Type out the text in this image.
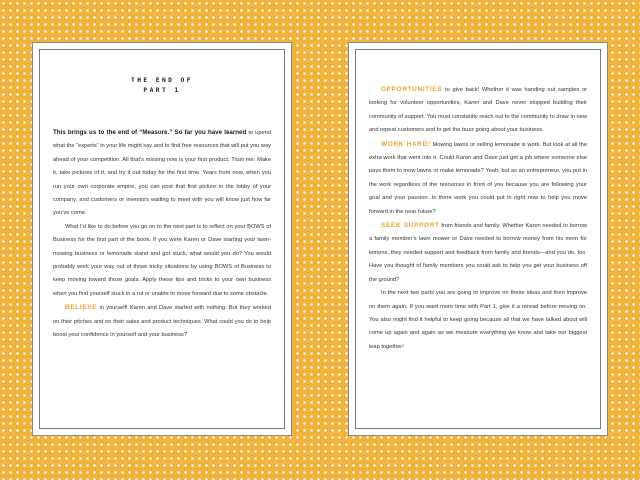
THE END OF
PART 1

This brings us to the end of “Measure.” So far you have learned to upend what the “experts” in your life might say and to find free resources that will put you way ahead of your competition. All that’s missing now is your first product. Trust me: Make it, take pictures of it, and try it out today for the first time. Years from now, when you run your own corporate empire, you can post that first picture in the lobby of your company, and customers or investors waiting to meet with you will know just how far you’ve come.

What I’d like to do before you go on to the next part is to reflect on your BOWS of Business for the first part of the book. If you were Karen or Dave starting your lawn-mowing business or lemonade stand and got stuck, what would you do? You would probably work your way out of those tricky situations by using BOWS of Business to keep moving toward those goals. Apply these tips and tricks to your own business when you find yourself stuck in a rut or unable to move forward due to some obstacle.

BELIEVE in yourself! Karen and Dave started with nothing. But they worked on their pitches and on their sales and product techniques. What could you do to help boost your confidence in yourself and your business?

OPPORTUNITIES to give back! Whether it was handing out samples or looking for volunteer opportunities, Karen and Dave never stopped building their community of support. You must constantly reach out to the community to draw in new and repeat customers and to get the buzz going about your business.

WORK HARD! Mowing lawns or selling lemonade is work. But look at all the extra work that went into it. Could Karen and Dave just get a job where someone else pays them to mow lawns or make lemonade? Yeah, but as an entrepreneur, you put in the work regardless of the resources in front of you because you are following your goal and your passion. Is there work you could put in right now to help you move forward in the near future?

SEEK SUPPORT from friends and family. Whether Karen needed to borrow a family member’s lawn mower or Dave needed to borrow money from his mom for lemons, they needed support and feedback from family and friends—and you do, too. Have you thought of family members you could ask to help you get your business off the ground?

In the next two parts you are going to improve on these ideas and then improve on them again. If you want more time with Part 1, give it a reread before moving on. You also might find it helpful to keep going because all that we have talked about will come up again and again as we measure everything we know and take our biggest leap together!
